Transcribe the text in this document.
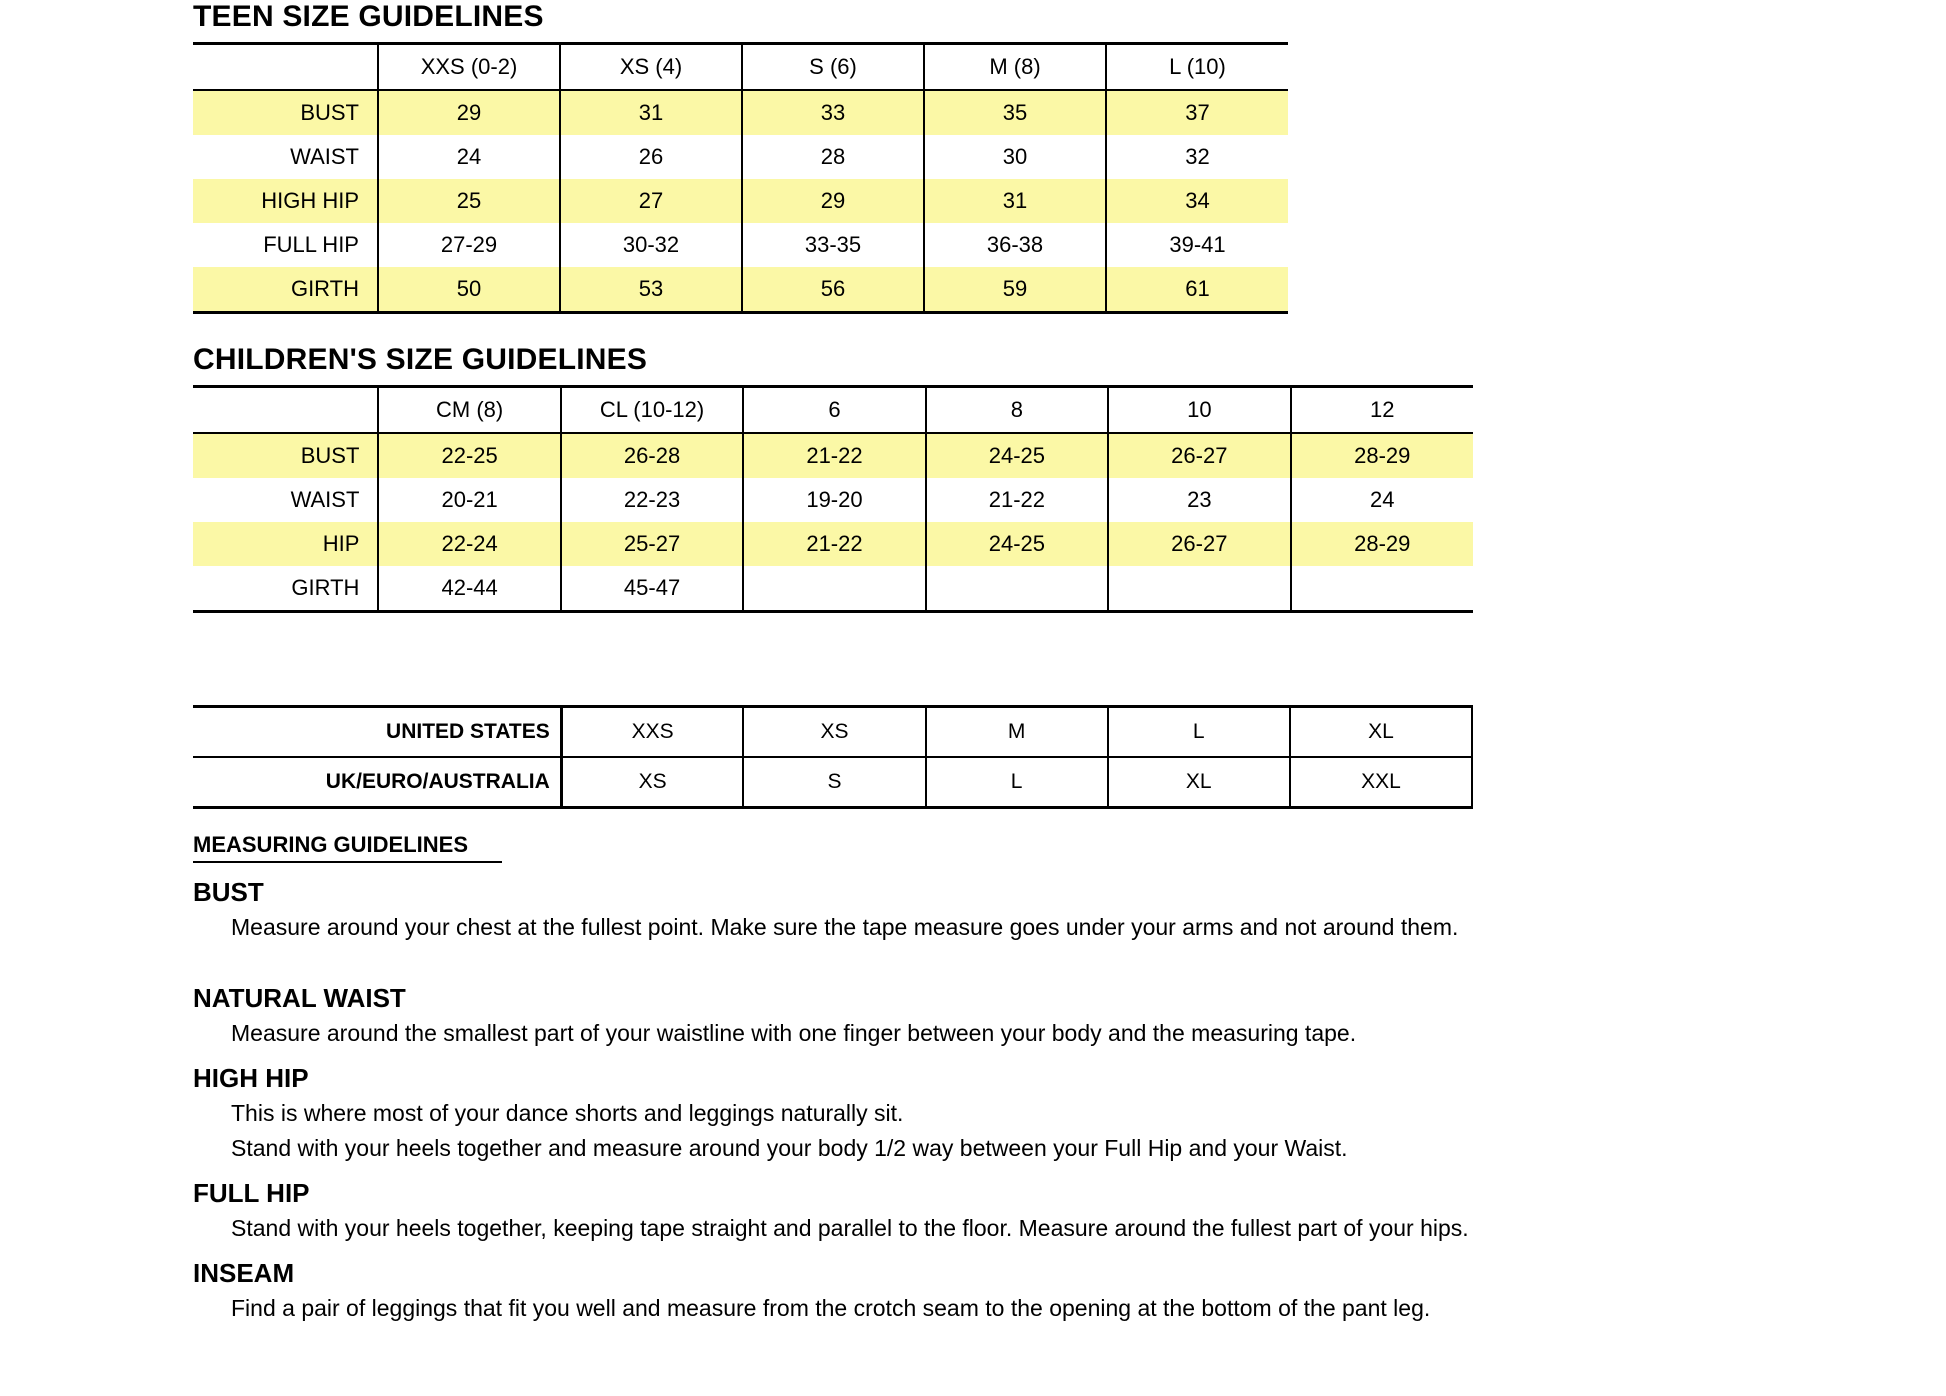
TEEN SIZE GUIDELINES
	XXS (0-2)	XS (4)	S (6)	M (8)	L (10)
BUST	29	31	33	35	37
WAIST	24	26	28	30	32
HIGH HIP	25	27	29	31	34
FULL HIP	27-29	30-32	33-35	36-38	39-41
GIRTH	50	53	56	59	61
CHILDREN'S SIZE GUIDELINES
	CM (8)	CL (10-12)	6	8	10	12
BUST	22-25	26-28	21-22	24-25	26-27	28-29
WAIST	20-21	22-23	19-20	21-22	23	24
HIP	22-24	25-27	21-22	24-25	26-27	28-29
GIRTH	42-44	45-47				
UNITED STATES	XXS	XS	M	L	XL
UK/EURO/AUSTRALIA	XS	S	L	XL	XXL
MEASURING GUIDELINES
BUST
Measure around your chest at the fullest point. Make sure the tape measure goes under your arms and not around them.
NATURAL WAIST
Measure around the smallest part of your waistline with one finger between your body and the measuring tape.
HIGH HIP
This is where most of your dance shorts and leggings naturally sit.
Stand with your heels together and measure around your body 1/2 way between your Full Hip and your Waist.
FULL HIP
Stand with your heels together, keeping tape straight and parallel to the floor. Measure around the fullest part of your hips.
INSEAM
Find a pair of leggings that fit you well and measure from the crotch seam to the opening at the bottom of the pant leg.
